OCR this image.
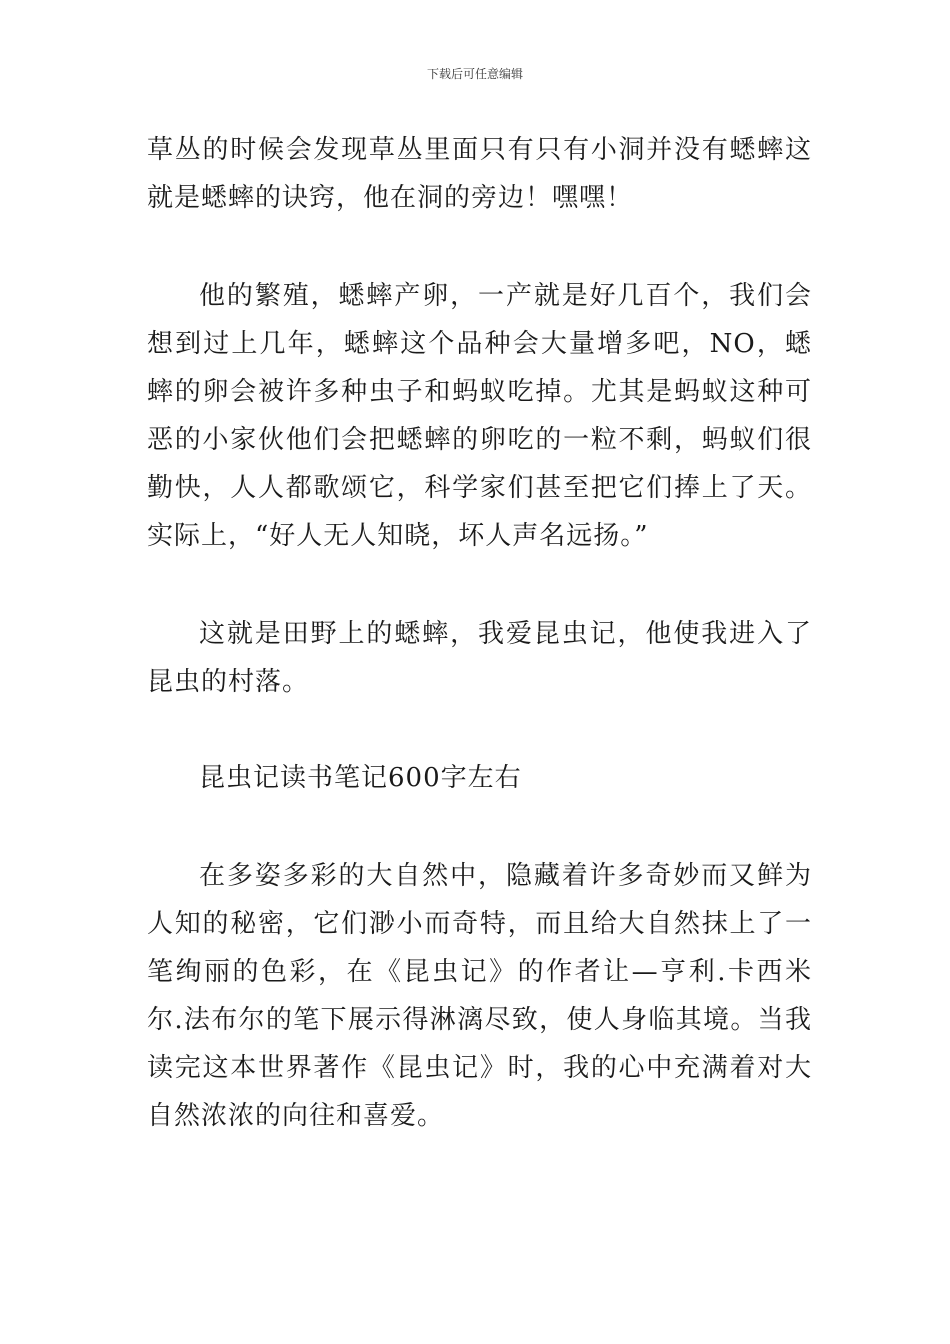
下载后可任意编辑

草丛的时候会发现草丛里面只有只有小洞并没有蟋蟀这就是蟋蟀的诀窍，他在洞的旁边！嘿嘿！

他的繁殖，蟋蟀产卵，一产就是好几百个，我们会想到过上几年，蟋蟀这个品种会大量增多吧，NO，蟋蟀的卵会被许多种虫子和蚂蚁吃掉。尤其是蚂蚁这种可恶的小家伙他们会把蟋蟀的卵吃的一粒不剩，蚂蚁们很勤快，人人都歌颂它，科学家们甚至把它们捧上了天。实际上，“好人无人知晓，坏人声名远扬。”

这就是田野上的蟋蟀，我爱昆虫记，他使我进入了昆虫的村落。

昆虫记读书笔记600字左右

在多姿多彩的大自然中，隐藏着许多奇妙而又鲜为人知的秘密，它们渺小而奇特，而且给大自然抹上了一笔绚丽的色彩，在《昆虫记》的作者让—亨利.卡西米尔.法布尔的笔下展示得淋漓尽致，使人身临其境。当我读完这本世界著作《昆虫记》时，我的心中充满着对大自然浓浓的向往和喜爱。
